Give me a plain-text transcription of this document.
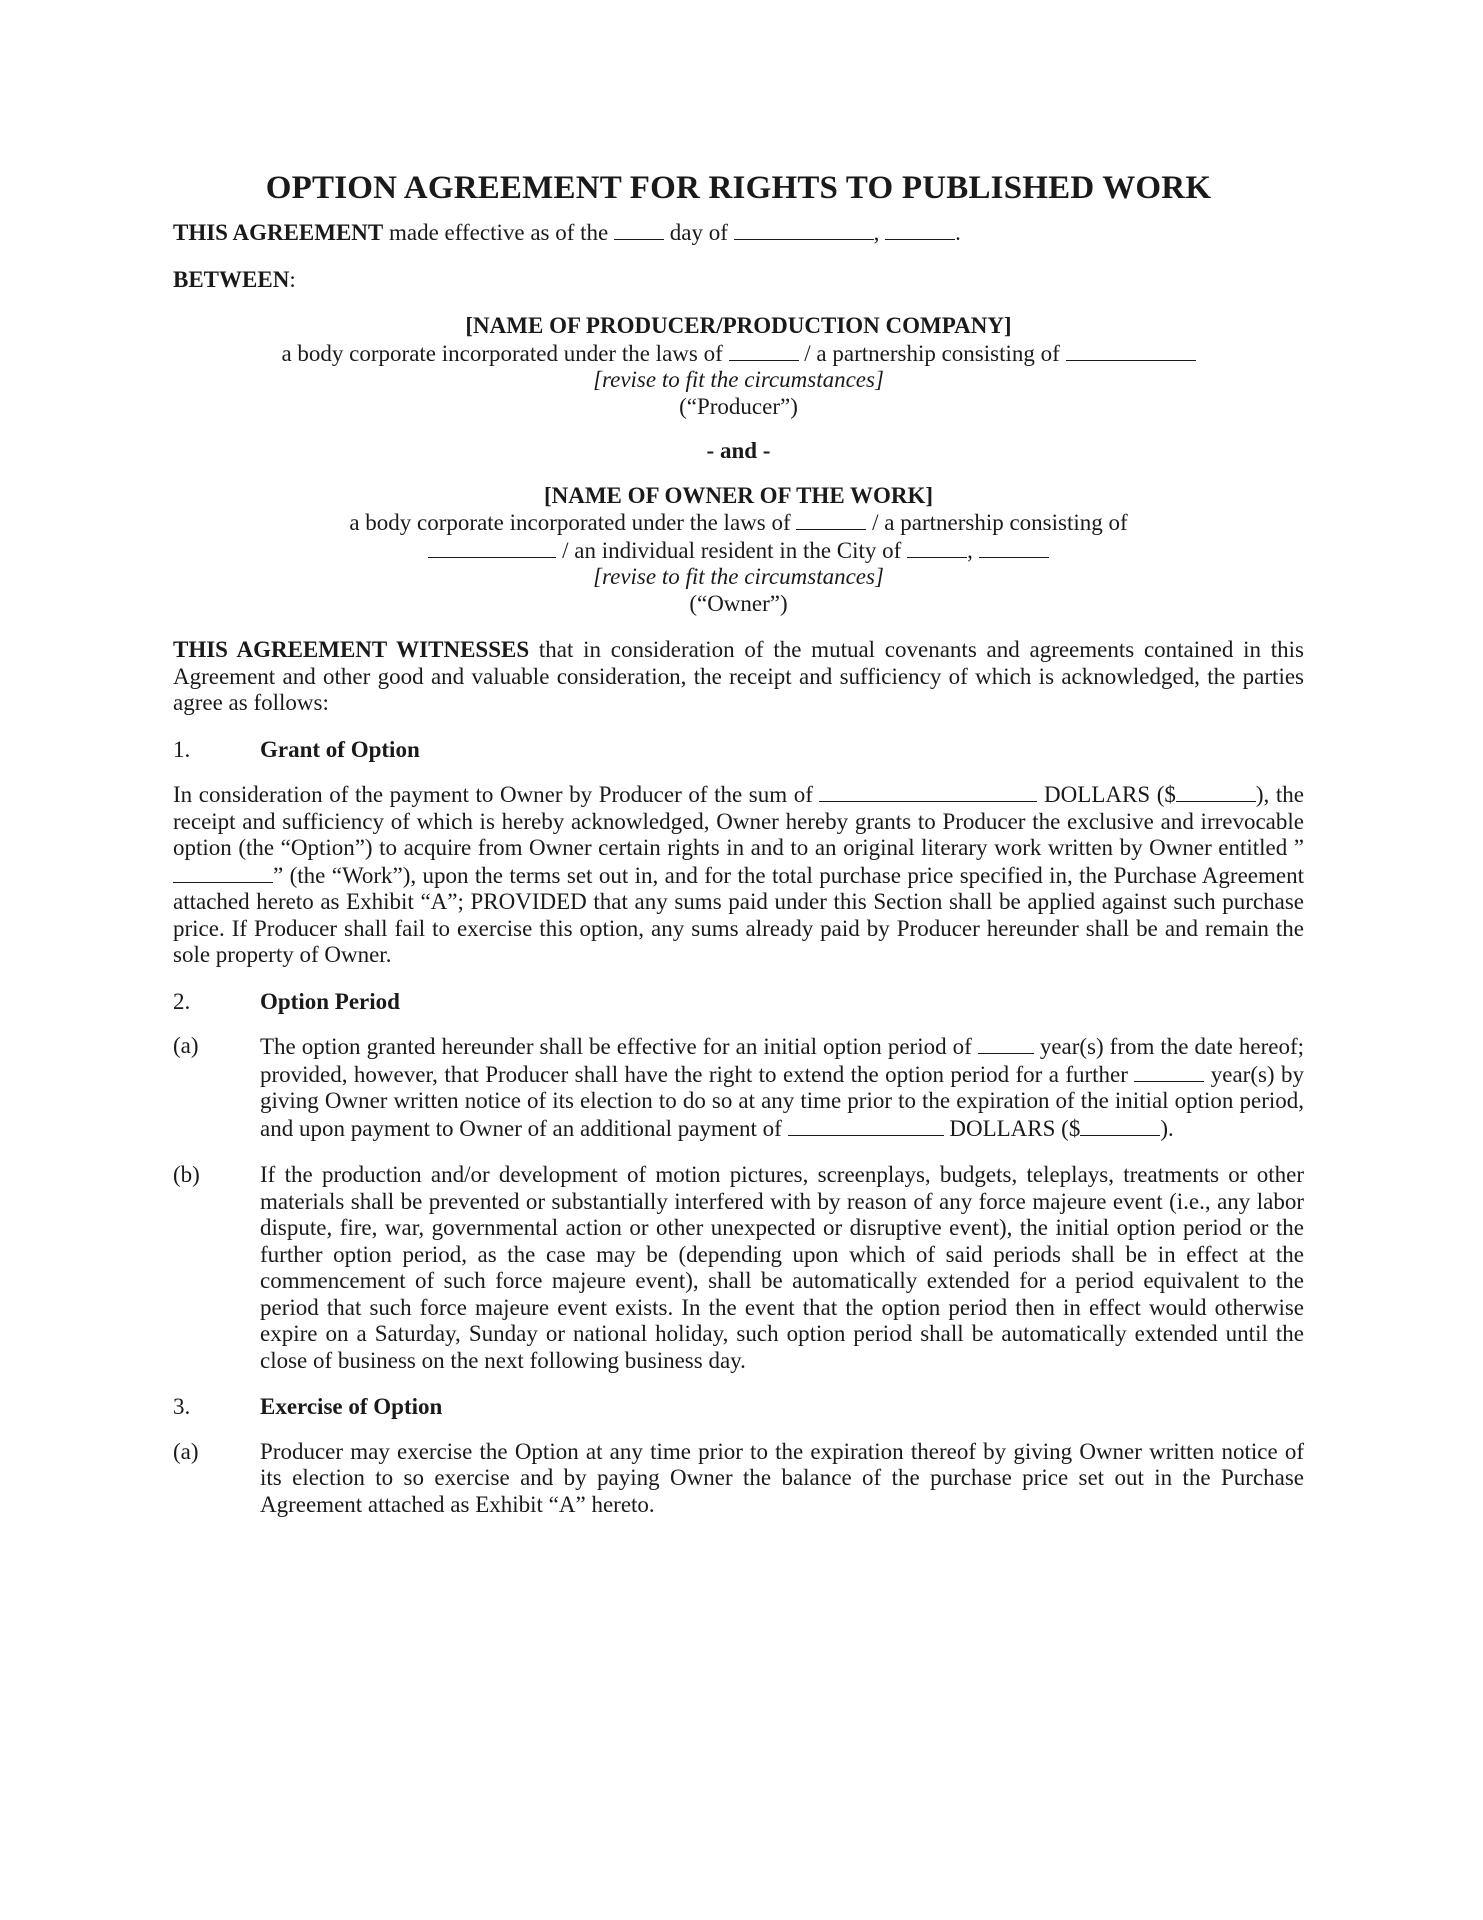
OPTION AGREEMENT FOR RIGHTS TO PUBLISHED WORK

THIS AGREEMENT made effective as of the  day of	,	.

BETWEEN:

[NAME OF PRODUCER/PRODUCTION COMPANY]

a body corporate incorporated under the laws of	/ a partnership consisting of

[revise to fit the circumstances]

(“Producer”)

- and -

[NAME OF OWNER OF THE WORK]

a body corporate incorporated under the laws of	/ a partnership consisting of

/ an individual resident in the City of	,

[revise to fit the circumstances]

(“Owner”)

THIS AGREEMENT WITNESSES that in consideration of the mutual covenants and agreements contained in this Agreement and other good and valuable consideration, the receipt and sufficiency of which is acknowledged, the parties agree as follows:

1.	Grant of Option

In consideration of the payment to Owner by Producer of the sum of	DOLLARS ($	), the receipt and sufficiency of which is hereby acknowledged, Owner hereby grants to Producer the exclusive and irrevocable option (the “Option”) to acquire from Owner certain rights in and to an original literary work written by Owner entitled ”” (the “Work”), upon the terms set out in, and for the total purchase price specified in, the Purchase Agreement attached hereto as Exhibit “A”; PROVIDED that any sums paid under this Section shall be applied against such purchase price. If Producer shall fail to exercise this option, any sums already paid by Producer hereunder shall be and remain the sole property of Owner.

2.	Option Period
(a)	The option granted hereunder shall be effective for an initial option period of  year(s) from the date hereof; provided, however, that Producer shall have the right to extend the option period for a further	year(s) by giving Owner written notice of its election to do so at any time prior to the expiration of the initial option period, and upon payment to Owner of an additional payment of	DOLLARS ($	).

(b)	If the production and/or development of motion pictures, screenplays, budgets, teleplays, treatments or other materials shall be prevented or substantially interfered with by reason of any force majeure event (i.e., any labor dispute, fire, war, governmental action or other unexpected or disruptive event), the initial option period or the further option period, as the case may be (depending upon which of said periods shall be in effect at the commencement of such force majeure event), shall be automatically extended for a period equivalent to the period that such force majeure event exists. In the event that the option period then in effect would otherwise expire on a Saturday, Sunday or national holiday, such option period shall be automatically extended until the close of business on the next following business day.

3.	Exercise of Option
(a)	Producer may exercise the Option at any time prior to the expiration thereof by giving Owner written notice of its election to so exercise and by paying Owner the balance of the purchase price set out in the Purchase Agreement attached as Exhibit “A” hereto.
